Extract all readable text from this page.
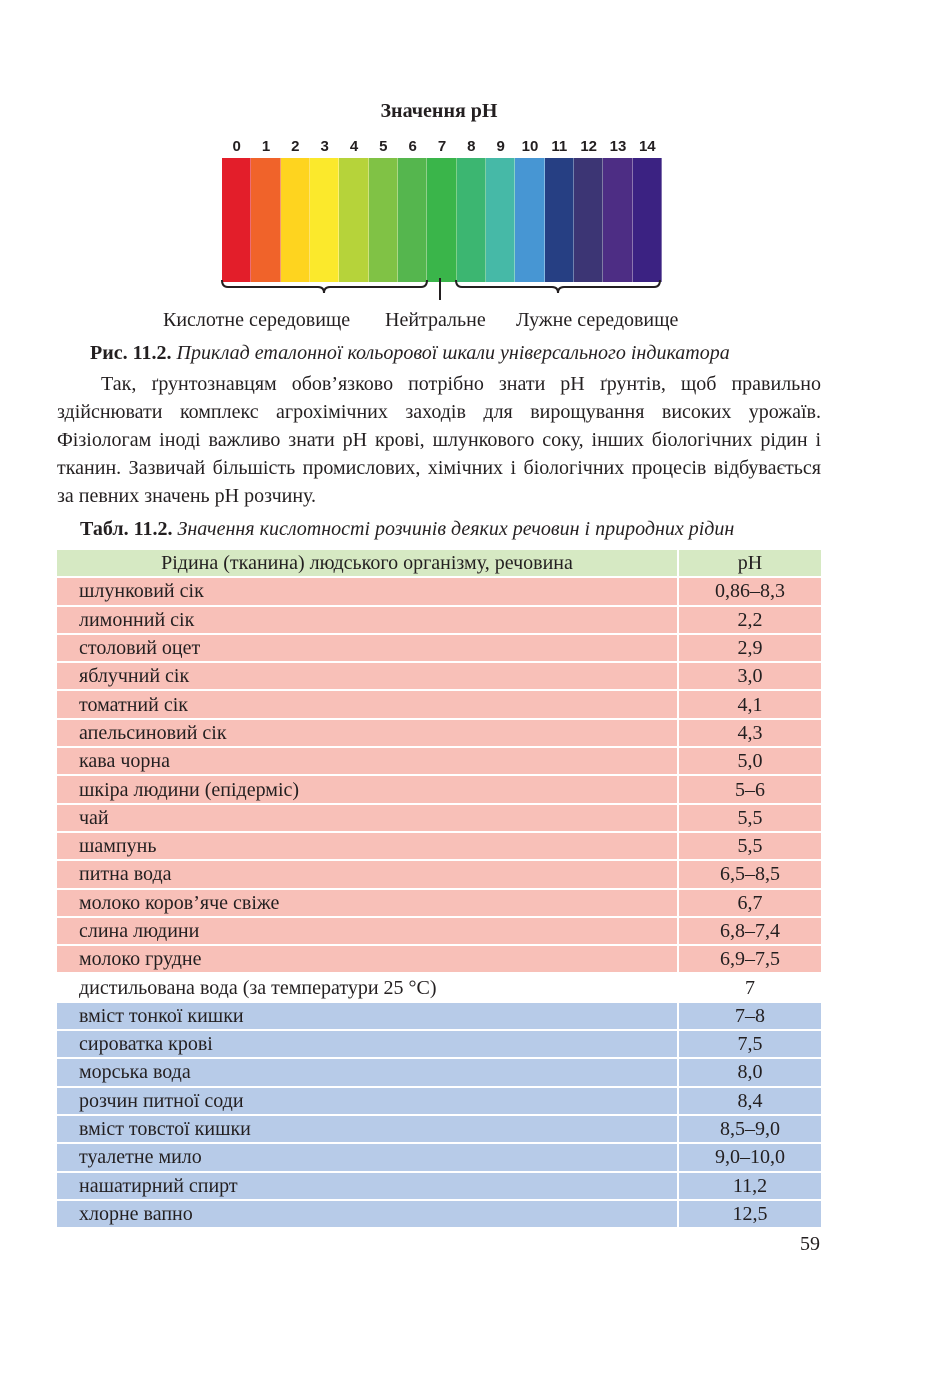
Значення pH
0	1	2	3	4	5	6	7	8	9	10 11 12 13 14
Кислотне середовище Нейтральне Лужне середовище
Рис. 11.2. Приклад еталонної кольорової шкали універсального індикатора
Так, ґрунтознавцям обов’язково потрібно знати pH ґрунтів, щоб правильно здійснювати комплекс агрохімічних заходів для вирощування високих урожаїв. Фізіологам іноді важливо знати pH крові, шлункового соку, інших біологічних рідин і тканин. Зазвичай більшість промислових, хімічних і біологічних процесів відбувається за певних значень pH розчину.
Табл. 11.2. Значення кислотності розчинів деяких речовин і природних рідин
Рідина (тканина) людського організму, речовина	pH
шлунковий сік	0,86–8,3
лимонний сік	2,2
столовий оцет	2,9
яблучний сік	3,0
томатний сік	4,1
апельсиновий сік	4,3
кава чорна	5,0
шкіра людини (епідерміс)	5–6
чай	5,5
шампунь	5,5
питна вода	6,5–8,5
молоко коров’яче свіже	6,7
слина людини	6,8–7,4
молоко грудне	6,9–7,5
дистильована вода (за температури 25 °C)	7
вміст тонкої кишки	7–8
сироватка крові	7,5
морська вода	8,0
розчин питної соди	8,4
вміст товстої кишки	8,5–9,0
туалетне мило	9,0–10,0
нашатирний спирт	11,2
хлорне вапно	12,5
59
